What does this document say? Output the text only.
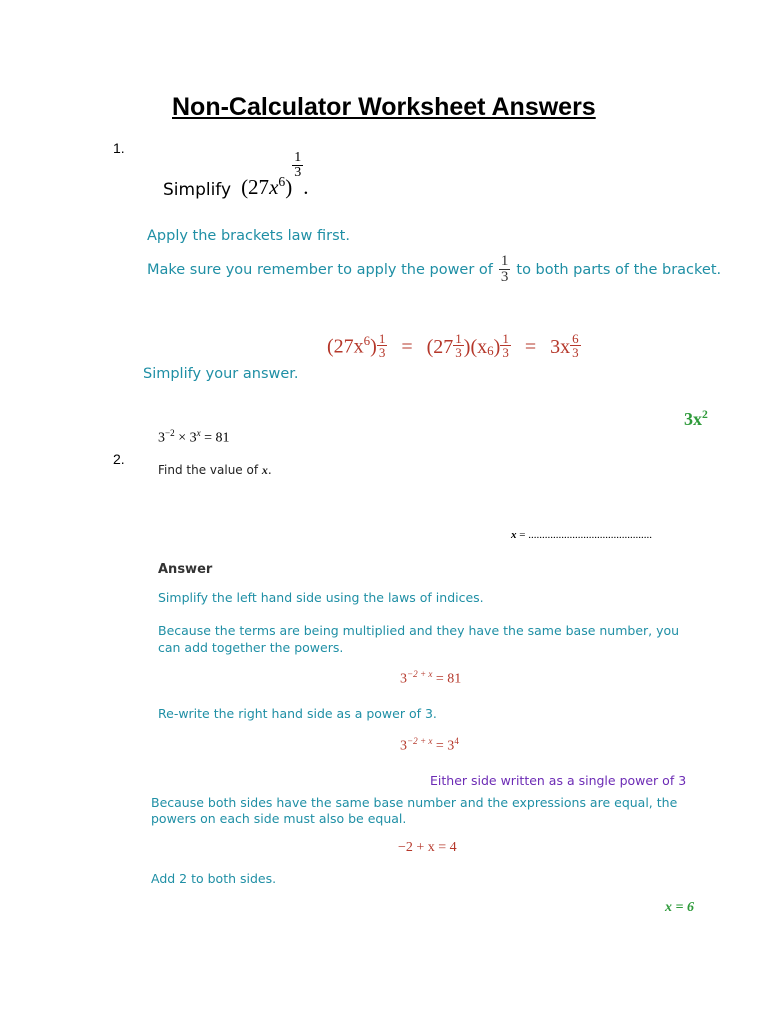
Non-Calculator Worksheet Answers
1.
Simplify $(27x^6)$
$\frac{1}{3}$
.
Apply the brackets law first.
Make sure you remember to apply the power of $\frac{1}{3}$ to both parts of the bracket.
$(27x^6) \frac{1}{3} = (27 \frac{1}{3}$ ) (x 6 ) $\frac{1}{3} = 3x \frac{6}{3}$
Simplify your answer.
$3x^2$
$3^{-2} \times 3^x = 81$
2.
Find the value of x.
x = .............................................
Answer
Simplify the left hand side using the laws of indices.
Because the terms are being multiplied and they have the same base number, you
can add together the powers.
$3^{-2 + x} = 81$
Re-write the right hand side as a power of 3.
$3^{-2 + x} = 3^4$
Either side written as a single power of 3
Because both sides have the same base number and the expressions are equal, the
powers on each side must also be equal.
−2 + x = 4
Add 2 to both sides.
x = 6
